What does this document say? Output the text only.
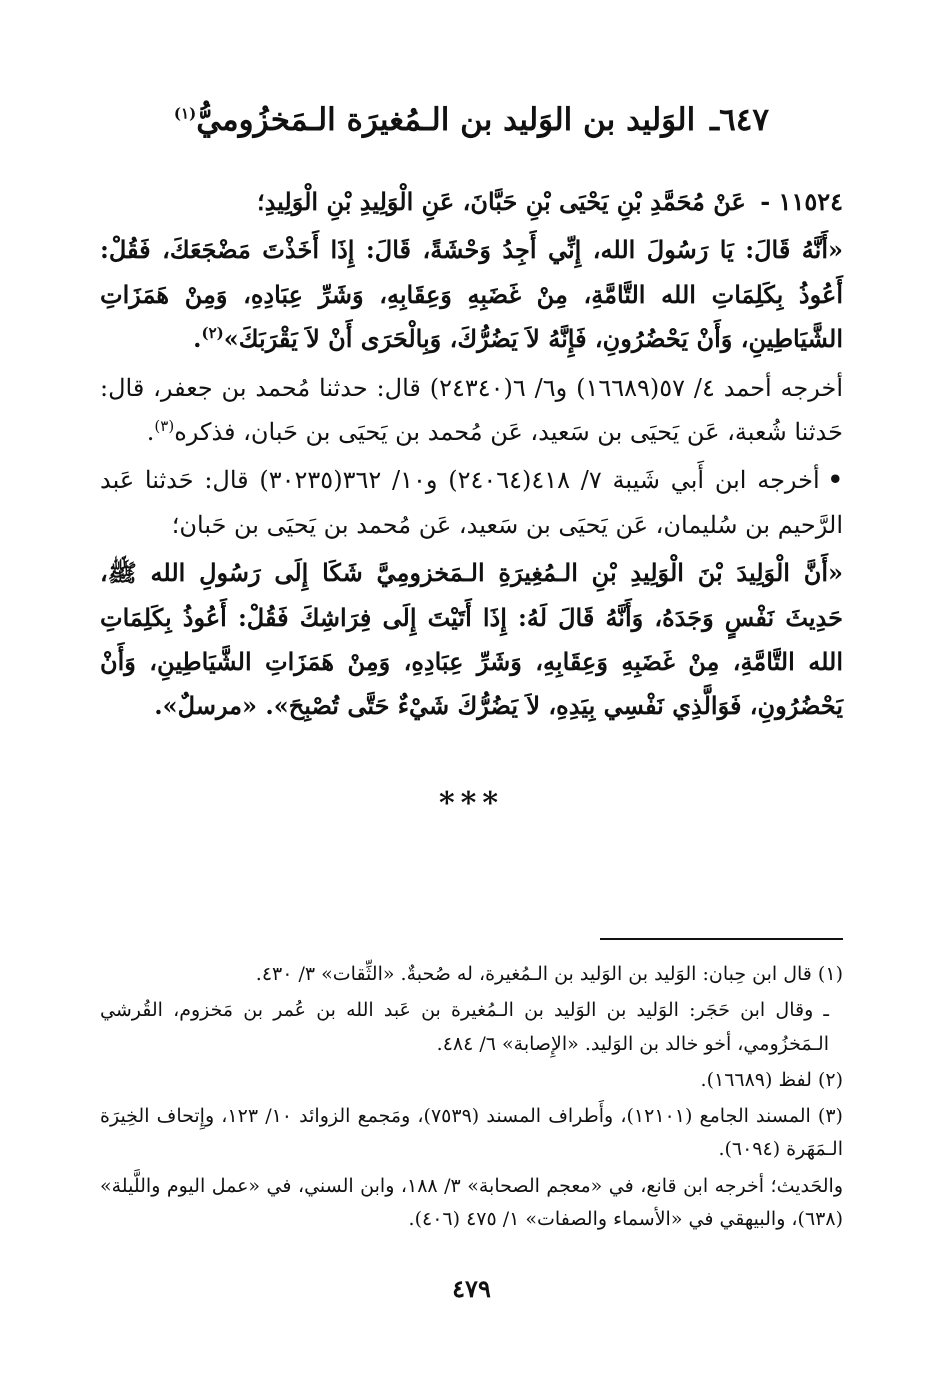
٦٤٧ـ الوَليد بن الوَليد بن الـمُغيرَة الـمَخزُوميُّ$^{(١)}$

١١٥٢٤ - عَنْ مُحَمَّدِ بْنِ يَحْيَى بْنِ حَبَّانَ، عَنِ الْوَلِيدِ بْنِ الْوَلِيدِ؛

«أَنَّهُ قَالَ: يَا رَسُولَ الله، إِنِّي أَجِدُ وَحْشَةً، قَالَ: إِذَا أَخَذْتَ مَضْجَعَكَ، فَقُلْ: أَعُوذُ بِكَلِمَاتِ الله التَّامَّةِ، مِنْ غَضَبِهِ وَعِقَابِهِ، وَشَرِّ عِبَادِهِ، وَمِنْ هَمَزَاتِ الشَّيَاطِينِ، وَأَنْ يَحْضُرُونِ، فَإِنَّهُ لاَ يَضُرُّكَ، وَبِالْحَرَى أَنْ لاَ يَقْرَبَكَ»$^{(٢)}$.

أخرجه أحمد ٤/ ٥٧(١٦٦٨٩) و٦/ ٦(٢٤٣٤٠) قال: حدثنا مُحمد بن جعفر، قال: حَدثنا شُعبة، عَن يَحيَى بن سَعيد، عَن مُحمد بن يَحيَى بن حَبان، فذكره$^{(٣)}$.

•أخرجه ابن أَبي شَيبة ٧/ ٤١٨(٢٤٠٦٤) و١٠/ ٣٦٢(٣٠٢٣٥) قال: حَدثنا عَبد الرَّحيم بن سُليمان، عَن يَحيَى بن سَعيد، عَن مُحمد بن يَحيَى بن حَبان؛

«أَنَّ الْوَلِيدَ بْنَ الْوَلِيدِ بْنِ الـمُغِيرَةِ الـمَخزومِيَّ شَكَا إِلَى رَسُولِ الله ﷺ، حَدِيثَ نَفْسٍ وَجَدَهُ، وَأَنَّهُ قَالَ لَهُ: إِذَا أَتَيْتَ إِلَى فِرَاشِكَ فَقُلْ: أَعُوذُ بِكَلِمَاتِ الله التَّامَّةِ، مِنْ غَضَبِهِ وَعِقَابِهِ، وَشَرِّ عِبَادِهِ، وَمِنْ هَمَزَاتِ الشَّيَاطِينِ، وَأَنْ يَحْضُرُونِ، فَوَالَّذِي نَفْسِي بِيَدِهِ، لاَ يَضُرُّكَ شَيْءٌ حَتَّى تُصْبِحَ». «مرسلٌ».

***

(١) قال ابن حِبان: الوَليد بن الوَليد بن الـمُغيرة، له صُحبةٌ. «الثِّقات» ٣/ ٤٣٠.

ـ وقال ابن حَجَر: الوَليد بن الوَليد بن الـمُغيرة بن عَبد الله بن عُمر بن مَخزوم، القُرشي الـمَخزُومي، أخو خالد بن الوَليد. «الإِصابة» ٦/ ٤٨٤.

(٢) لفظ (١٦٦٨٩).

(٣) المسند الجامع (١٢١٠١)، وأَطراف المسند (٧٥٣٩)، ومَجمع الزوائد ١٠/ ١٢٣، وإِتحاف الخِيرَة الـمَهَرة (٦٠٩٤).

والحَديث؛ أخرجه ابن قانع، في «معجم الصحابة» ٣/ ١٨٨، وابن السني، في «عمل اليوم واللَّيلة» (٦٣٨)، والبيهقي في «الأسماء والصفات» ١/ ٤٧٥ (٤٠٦).

٤٧٩
